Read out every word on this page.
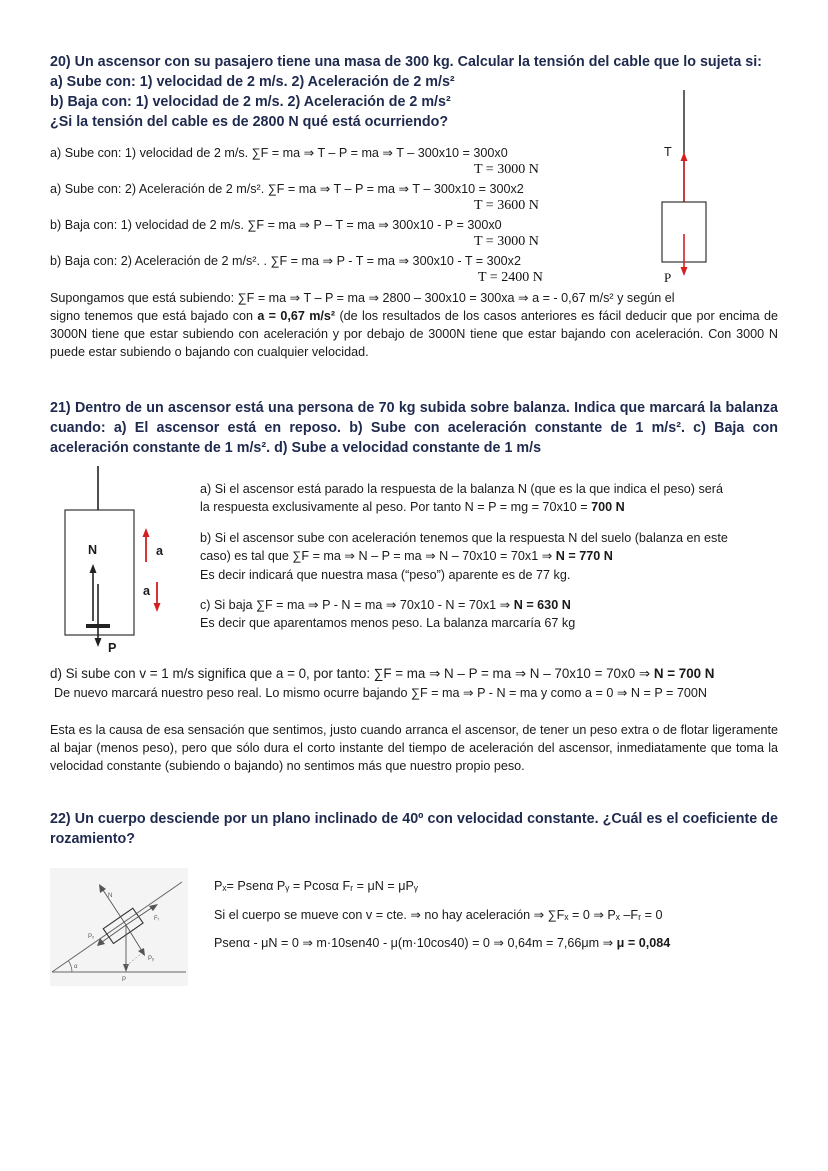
20) Un ascensor con su pasajero tiene una masa de 300 kg. Calcular la tensión del cable que lo sujeta si:
a) Sube con: 1) velocidad de 2 m/s. 2) Aceleración de 2 m/s²
b) Baja con: 1) velocidad de 2 m/s. 2) Aceleración de 2 m/s²
¿Si la tensión del cable es de 2800 N qué está ocurriendo?
a) Sube con: 1) velocidad de 2 m/s. ∑F = ma ⇒ T – P = ma ⇒ T – 300x10 = 300x0
T = 3000 N
a) Sube con: 2) Aceleración de 2 m/s². ∑F = ma ⇒ T – P = ma ⇒ T – 300x10 = 300x2
T = 3600 N
b) Baja con: 1) velocidad de 2 m/s. ∑F = ma ⇒ P – T = ma ⇒ 300x10 - P = 300x0
T = 3000 N
b) Baja con: 2) Aceleración de 2 m/s². . ∑F = ma ⇒ P - T = ma ⇒ 300x10 - T = 300x2
T = 2400 N
Supongamos que está subiendo: ∑F = ma ⇒ T – P = ma ⇒ 2800 – 300x10 = 300xa ⇒ a = - 0,67 m/s² y según el
signo tenemos que está bajado con a = 0,67 m/s² (de los resultados de los casos anteriores es fácil deducir que por encima de 3000N tiene que estar subiendo con aceleración y por debajo de 3000N tiene que estar bajando con aceleración. Con 3000 N puede estar subiendo o bajando con cualquier velocidad.
T
P
21) Dentro de un ascensor está una persona de 70 kg subida sobre balanza. Indica que marcará la balanza cuando: a) El ascensor está en reposo. b) Sube con aceleración constante de 1 m/s². c) Baja con aceleración constante de 1 m/s². d) Sube a velocidad constante de 1 m/s
N
P
a
a
a) Si el ascensor está parado la respuesta de la balanza N (que es la que indica el peso) será
la respuesta exclusivamente al peso. Por tanto N = P = mg = 70x10 = 700 N
b) Si el ascensor sube con aceleración tenemos que la respuesta N del suelo (balanza en este
caso) es tal que ∑F = ma ⇒ N – P = ma ⇒ N – 70x10 = 70x1 ⇒ N = 770 N
Es decir indicará que nuestra masa (“peso”) aparente es de 77 kg.
c) Si baja ∑F = ma ⇒ P - N = ma ⇒ 70x10 - N = 70x1 ⇒ N = 630 N
Es decir que aparentamos menos peso. La balanza marcaría 67 kg
d) Si sube con v = 1 m/s significa que a = 0, por tanto: ∑F = ma ⇒ N – P = ma ⇒ N – 70x10 = 70x0 ⇒ N = 700 N
De nuevo marcará nuestro peso real. Lo mismo ocurre bajando ∑F = ma ⇒ P - N = ma y como a = 0 ⇒ N = P = 700N
Esta es la causa de esa sensación que sentimos, justo cuando arranca el ascensor, de tener un peso extra o de flotar ligeramente al bajar (menos peso), pero que sólo dura el corto instante del tiempo de aceleración del ascensor, inmediatamente que toma la velocidad constante (subiendo o bajando) no sentimos más que nuestro propio peso.
22) Un cuerpo desciende por un plano inclinado de 40º con velocidad constante. ¿Cuál es el coeficiente de rozamiento?
N
Fᵣ
Pₓ
Pᵧ
P
α
Pₓ= Psenα Pᵧ = Pcosα Fᵣ = μN = μPᵧ
Si el cuerpo se mueve con v = cte. ⇒ no hay aceleración ⇒ ∑Fₓ = 0 ⇒ Pₓ –Fᵣ = 0
Psenα - μN = 0 ⇒ m·10sen40 - μ(m·10cos40) = 0 ⇒ 0,64m = 7,66μm ⇒ μ = 0,084
